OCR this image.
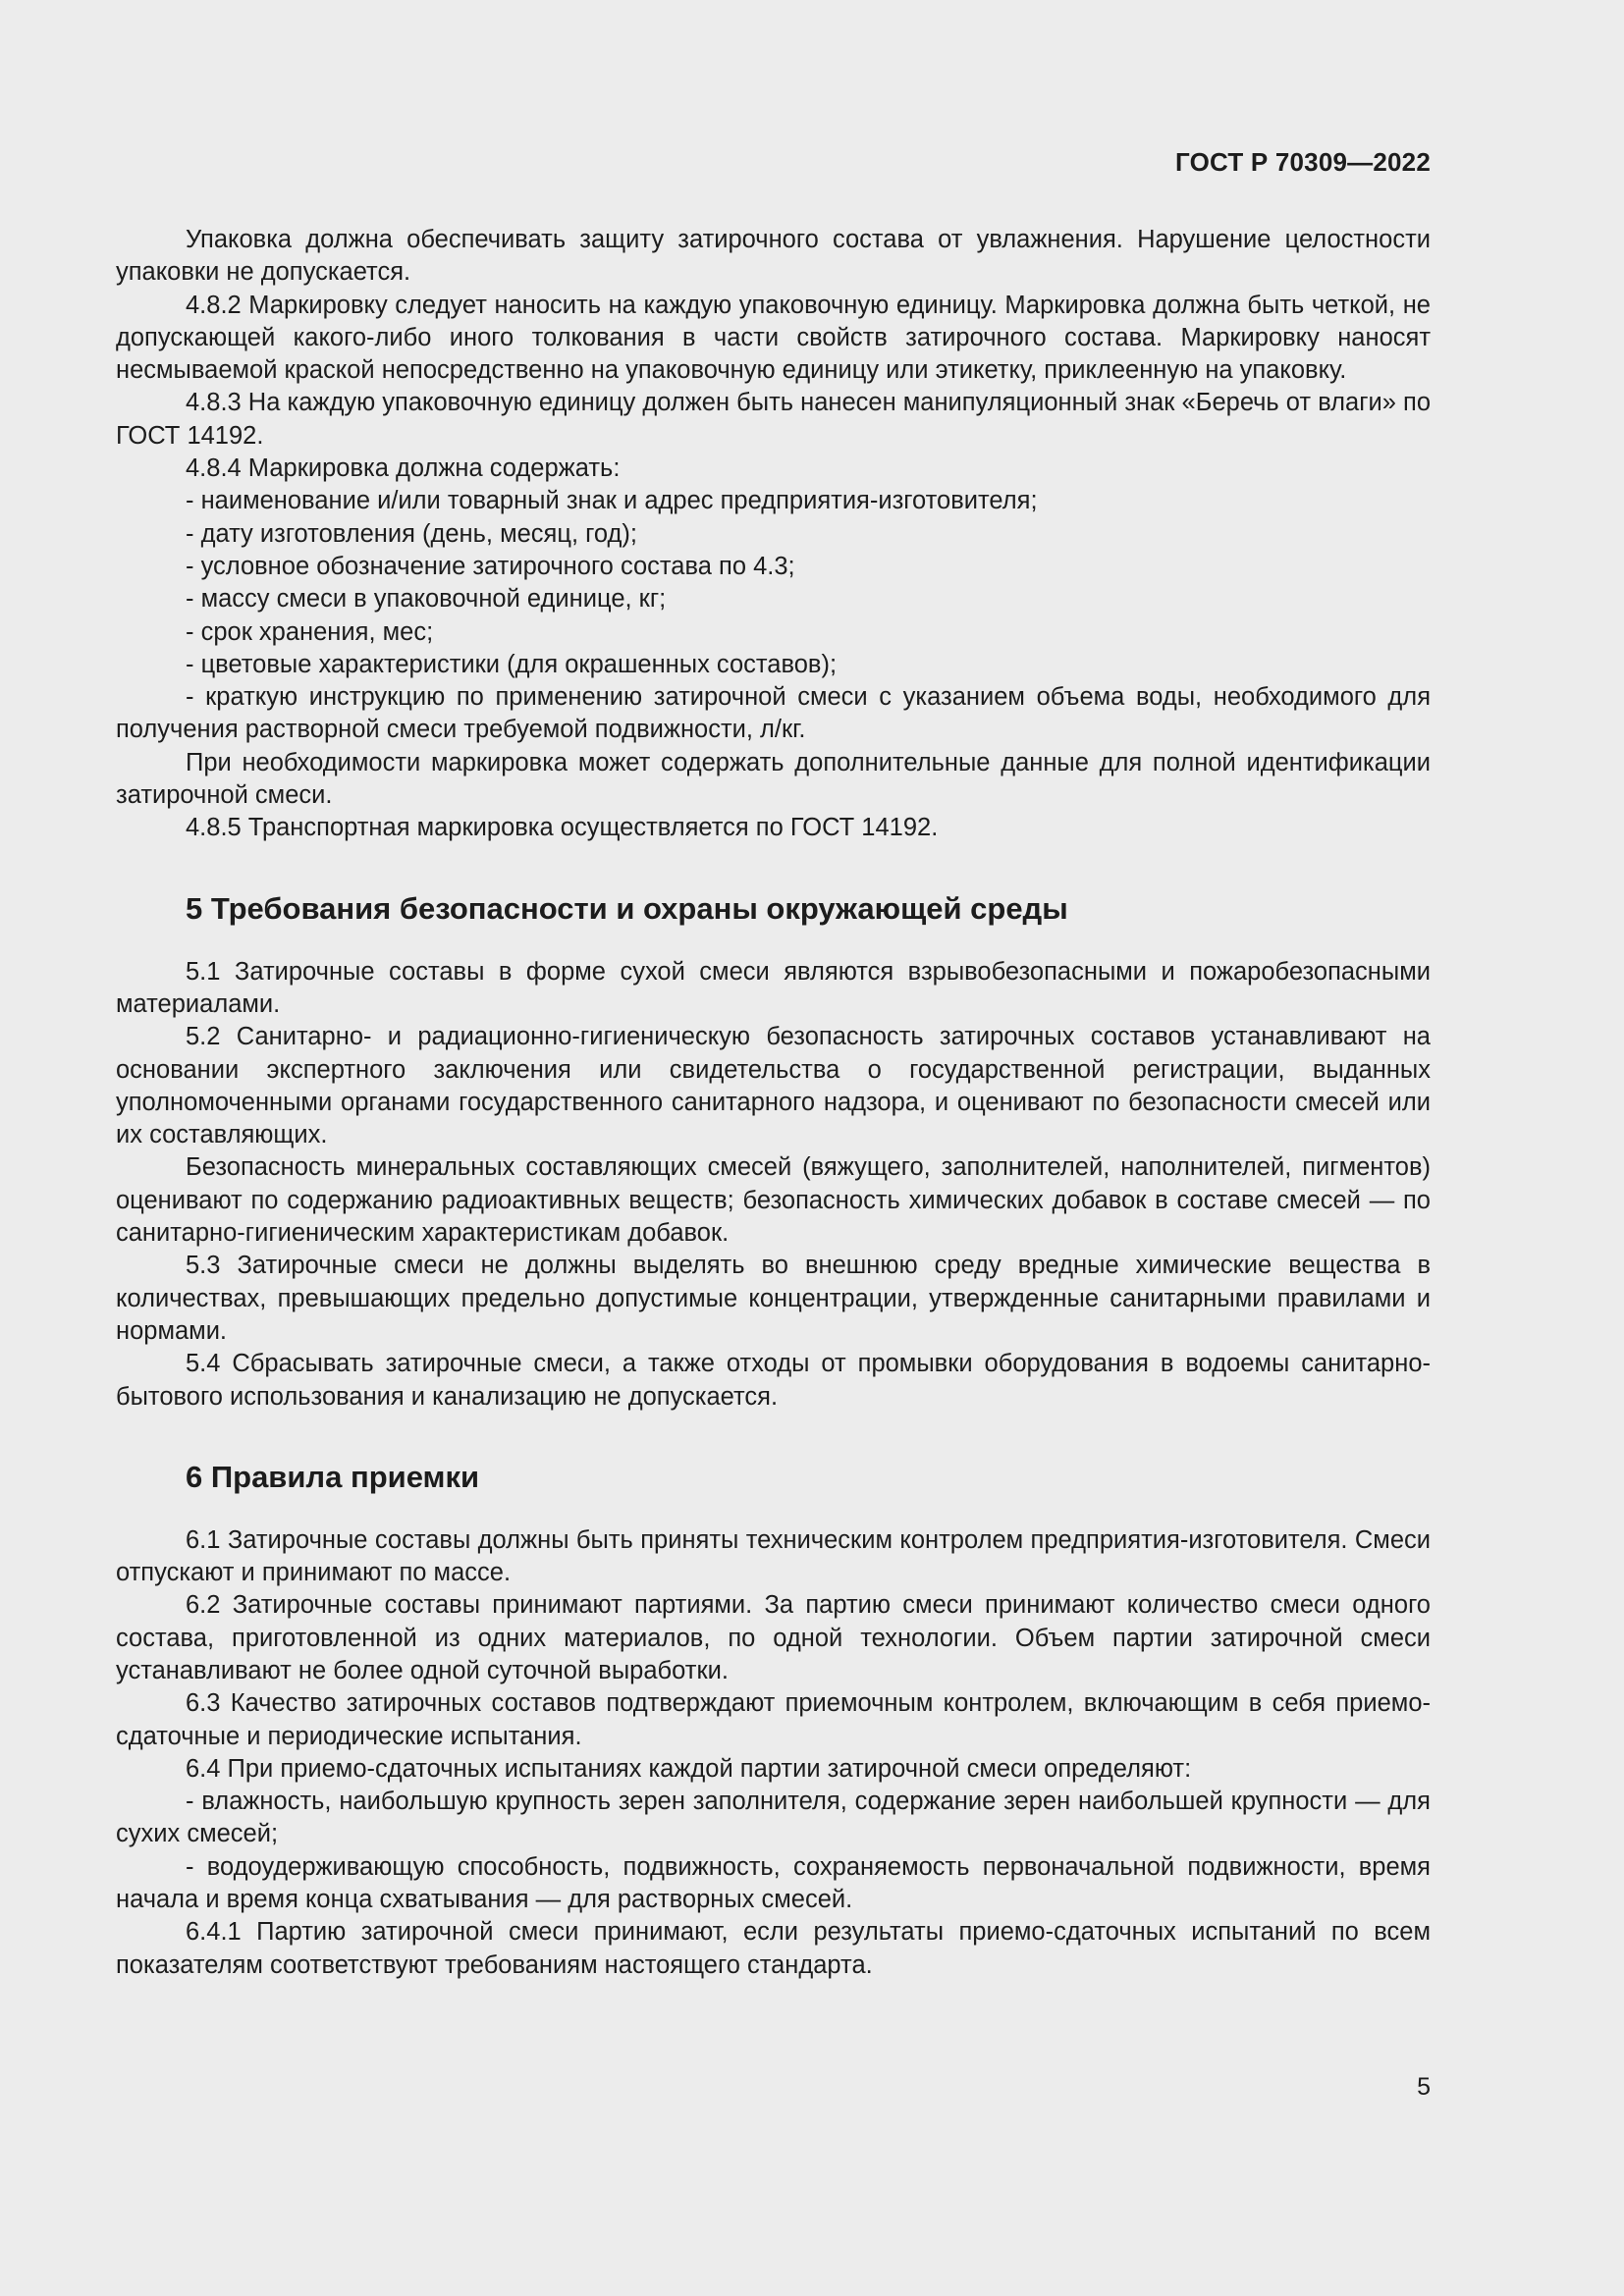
ГОСТ Р 70309—2022

Упаковка должна обеспечивать защиту затирочного состава от увлажнения. Нарушение целостности упаковки не допускается.

4.8.2 Маркировку следует наносить на каждую упаковочную единицу. Маркировка должна быть четкой, не допускающей какого-либо иного толкования в части свойств затирочного состава. Маркировку наносят несмываемой краской непосредственно на упаковочную единицу или этикетку, приклеенную на упаковку.

4.8.3 На каждую упаковочную единицу должен быть нанесен манипуляционный знак «Беречь от влаги» по ГОСТ 14192.

4.8.4 Маркировка должна содержать:

- наименование и/или товарный знак и адрес предприятия-изготовителя;

- дату изготовления (день, месяц, год);

- условное обозначение затирочного состава по 4.3;

- массу смеси в упаковочной единице, кг;

- срок хранения, мес;

- цветовые характеристики (для окрашенных составов);

- краткую инструкцию по применению затирочной смеси с указанием объема воды, необходимого для получения растворной смеси требуемой подвижности, л/кг.

При необходимости маркировка может содержать дополнительные данные для полной идентификации затирочной смеси.

4.8.5 Транспортная маркировка осуществляется по ГОСТ 14192.

5 Требования безопасности и охраны окружающей среды

5.1 Затирочные составы в форме сухой смеси являются взрывобезопасными и пожаробезопасными материалами.

5.2 Санитарно- и радиационно-гигиеническую безопасность затирочных составов устанавливают на основании экспертного заключения или свидетельства о государственной регистрации, выданных уполномоченными органами государственного санитарного надзора, и оценивают по безопасности смесей или их составляющих.

Безопасность минеральных составляющих смесей (вяжущего, заполнителей, наполнителей, пигментов) оценивают по содержанию радиоактивных веществ; безопасность химических добавок в составе смесей — по санитарно-гигиеническим характеристикам добавок.

5.3 Затирочные смеси не должны выделять во внешнюю среду вредные химические вещества в количествах, превышающих предельно допустимые концентрации, утвержденные санитарными правилами и нормами.

5.4 Сбрасывать затирочные смеси, а также отходы от промывки оборудования в водоемы санитарно-бытового использования и канализацию не допускается.

6 Правила приемки

6.1 Затирочные составы должны быть приняты техническим контролем предприятия-изготовителя. Смеси отпускают и принимают по массе.

6.2 Затирочные составы принимают партиями. За партию смеси принимают количество смеси одного состава, приготовленной из одних материалов, по одной технологии. Объем партии затирочной смеси устанавливают не более одной суточной выработки.

6.3 Качество затирочных составов подтверждают приемочным контролем, включающим в себя приемо-сдаточные и периодические испытания.

6.4 При приемо-сдаточных испытаниях каждой партии затирочной смеси определяют:

- влажность, наибольшую крупность зерен заполнителя, содержание зерен наибольшей крупности — для сухих смесей;

- водоудерживающую способность, подвижность, сохраняемость первоначальной подвижности, время начала и время конца схватывания — для растворных смесей.

6.4.1 Партию затирочной смеси принимают, если результаты приемо-сдаточных испытаний по всем показателям соответствуют требованиям настоящего стандарта.

5
